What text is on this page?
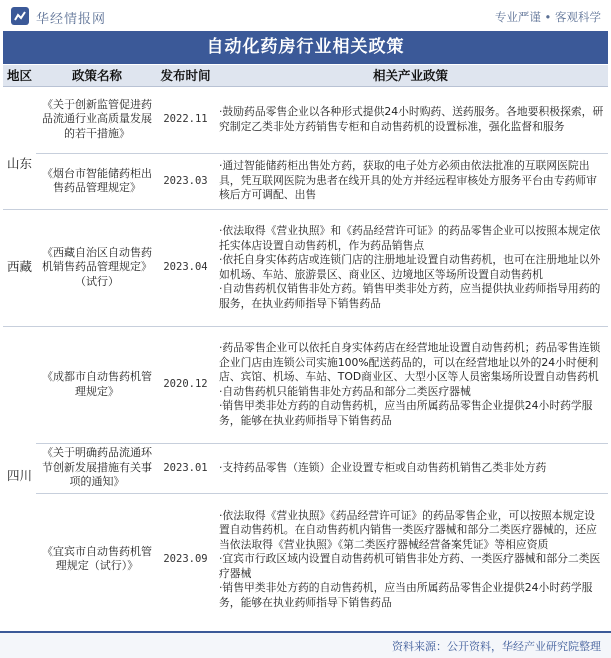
华经情报网	专业严谨 • 客观科学
自动化药房行业相关政策
地区	政策名称	发布时间	相关产业政策
山东	《关于创新监管促进药品流通行业高质量发展的若干措施》	2022.11	·鼓励药品零售企业以各种形式提供24小时购药、送药服务。各地要积极探索，研究制定乙类非处方药销售专柜和自动售药机的设置标准，强化监督和服务

	《烟台市智能储药柜出售药品管理规定》	2023.03	·通过智能储药柜出售处方药，获取的电子处方必须由依法批准的互联网医院出具，凭互联网医院为患者在线开具的处方并经远程审核处方服务平台由专药师审核后方可调配、出售

西藏	《西藏自治区自动售药机销售药品管理规定》（试行）	2023.04	·依法取得《营业执照》和《药品经营许可证》的药品零售企业可以按照本规定依托实体店设置自动售药机，作为药品销售点
·依托自身实体药店或连锁门店的注册地址设置自动售药机，也可在注册地址以外如机场、车站、旅游景区、商业区、边境地区等场所设置自动售药机
·自动售药机仅销售非处方药。销售甲类非处方药，应当提供执业药师指导用药的服务，在执业药师指导下销售药品

四川	《成都市自动售药机管理规定》	2020.12	·药品零售企业可以依托自身实体药店在经营地址设置自动售药机；药品零售连锁企业门店由连锁公司实施100%配送药品的，可以在经营地址以外的24小时便利店、宾馆、机场、车站、TOD商业区、大型小区等人员密集场所设置自动售药机
·自动售药机只能销售非处方药品和部分二类医疗器械
·销售甲类非处方药的自动售药机，应当由所属药品零售企业提供24小时药学服务，能够在执业药师指导下销售药品

	《关于明确药品流通环节创新发展措施有关事项的通知》	2023.01	·支持药品零售（连锁）企业设置专柜或自动售药机销售乙类非处方药

	《宜宾市自动售药机管理规定（试行）》	2023.09	·依法取得《营业执照》《药品经营许可证》的药品零售企业，可以按照本规定设置自动售药机。在自动售药机内销售一类医疗器械和部分二类医疗器械的，还应当依法取得《营业执照》《第二类医疗器械经营备案凭证》等相应资质
·宜宾市行政区域内设置自动售药机可销售非处方药、一类医疗器械和部分二类医疗器械
·销售甲类非处方药的自动售药机，应当由所属药品零售企业提供24小时药学服务，能够在执业药师指导下销售药品
资料来源：公开资料，华经产业研究院整理
